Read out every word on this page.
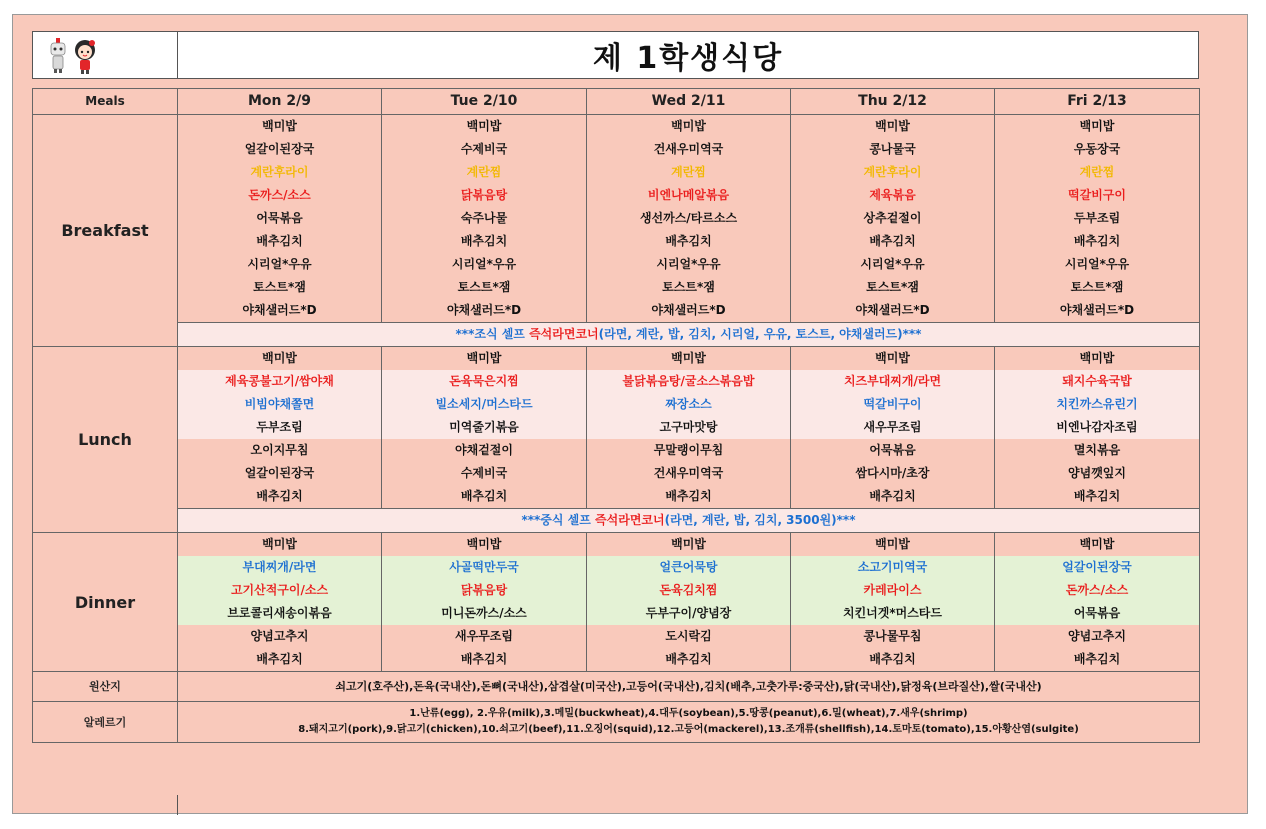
제 1학생식당
Meals	Mon 2/9	Tue 2/10	Wed 2/11	Thu 2/12	Fri 2/13
Breakfast	백미밥	백미밥	백미밥	백미밥	백미밥
	얼갈이된장국	수제비국	건새우미역국	콩나물국	우동장국
	계란후라이	계란찜	계란찜	계란후라이	계란찜
	돈까스/소스	닭볶음탕	비엔나메알볶음	제육볶음	떡갈비구이
	어묵볶음	숙주나물	생선까스/타르소스	상추겉절이	두부조림
	배추김치	배추김치	배추김치	배추김치	배추김치
	시리얼*우유	시리얼*우유	시리얼*우유	시리얼*우유	시리얼*우유
	토스트*잼	토스트*잼	토스트*잼	토스트*잼	토스트*잼
	야채샐러드*D	야채샐러드*D	야채샐러드*D	야채샐러드*D	야채샐러드*D
	***조식 셀프 즉석라면코너(라면, 계란, 밥, 김치, 시리얼, 우유, 토스트, 야채샐러드)***				
Lunch	백미밥	백미밥	백미밥	백미밥	백미밥
	제육콩불고기/쌈야채	돈육묵은지찜	불닭볶음탕/굴소스볶음밥	치즈부대찌개/라면	돼지수육국밥
	비빔야채쫄면	빌소세지/머스타드	짜장소스	떡갈비구이	치킨까스유린기
	두부조림	미역줄기볶음	고구마맛탕	새우무조림	비엔나감자조림
	오이지무침	야채겉절이	무말랭이무침	어묵볶음	멸치볶음
	얼갈이된장국	수제비국	건새우미역국	쌈다시마/초장	양념깻잎지
	배추김치	배추김치	배추김치	배추김치	배추김치
	***중식 셀프 즉석라면코너(라면, 계란, 밥, 김치, 3500원)***				
Dinner	백미밥	백미밥	백미밥	백미밥	백미밥
	부대찌개/라면	사골떡만두국	얼큰어묵탕	소고기미역국	얼갈이된장국
	고기산적구이/소스	닭볶음탕	돈육김치찜	카레라이스	돈까스/소스
	브로콜리새송이볶음	미니돈까스/소스	두부구이/양념장	치킨너겟*머스타드	어묵볶음
	양념고추지	새우무조림	도시락김	콩나물무침	양념고추지
	배추김치	배추김치	배추김치	배추김치	배추김치
원산지	쇠고기(호주산),돈육(국내산),돈뼈(국내산),삼겹살(미국산),고등어(국내산),김치(배추,고춧가루:중국산),닭(국내산),닭정육(브라질산),쌀(국내산)				
알레르기	1.난류(egg), 2.우유(milk),3.메밀(buckwheat),4.대두(soybean),5.땅콩(peanut),6.밀(wheat),7.새우(shrimp)
8.돼지고기(pork),9.닭고기(chicken),10.쇠고기(beef),11.오징어(squid),12.고등어(mackerel),13.조개류(shellfish),14.토마토(tomato),15.아황산염(sulgite)				
